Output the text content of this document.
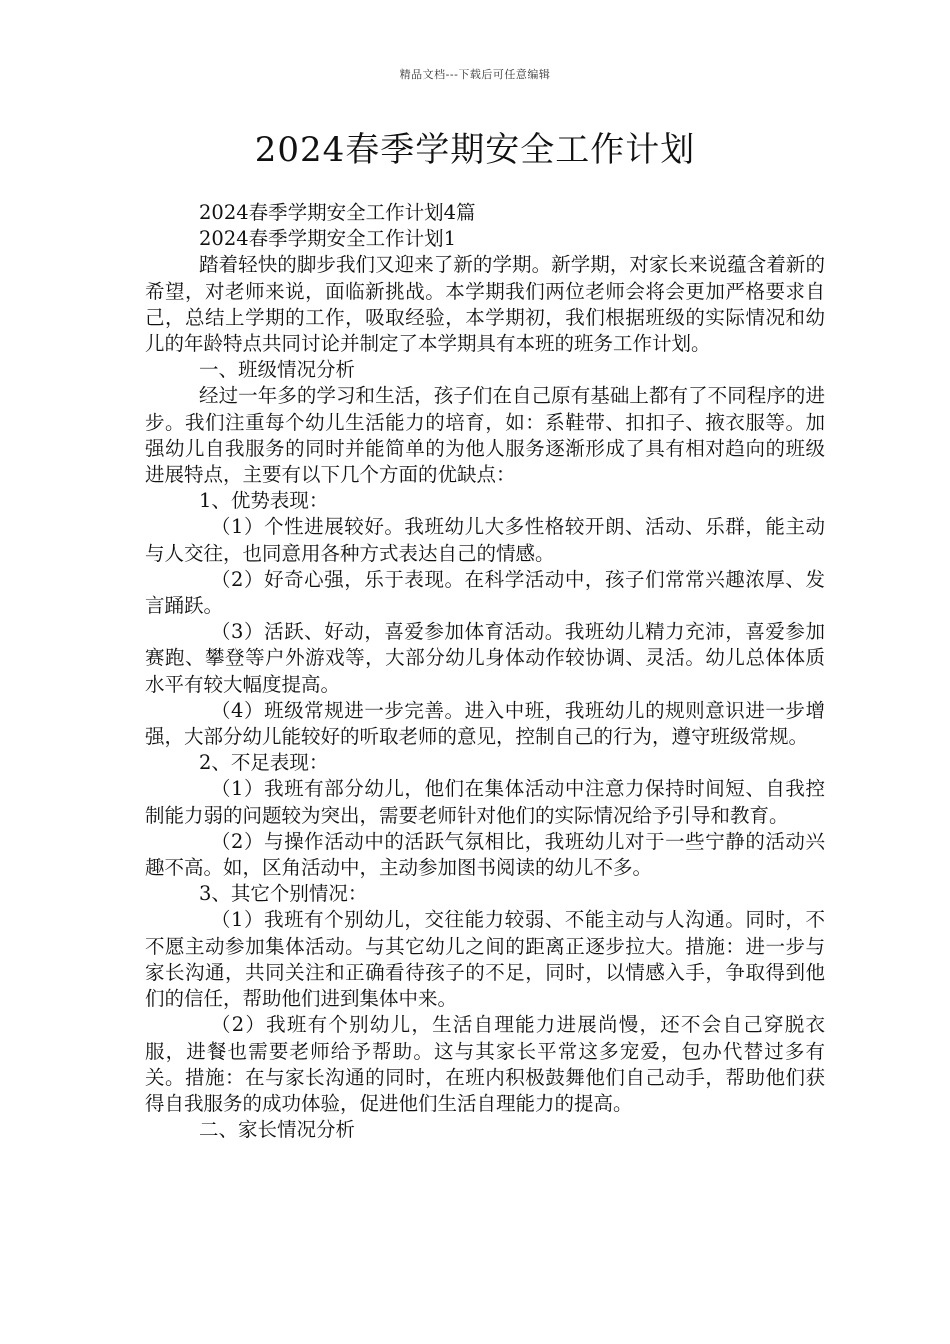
精品文档---下载后可任意编辑
2024春季学期安全工作计划

2024春季学期安全工作计划4篇

2024春季学期安全工作计划1

踏着轻快的脚步我们又迎来了新的学期。新学期，对家长来说蕴含着新的希望，对老师来说，面临新挑战。本学期我们两位老师会将会更加严格要求自己，总结上学期的工作，吸取经验，本学期初，我们根据班级的实际情况和幼儿的年龄特点共同讨论并制定了本学期具有本班的班务工作计划。

一、班级情况分析

经过一年多的学习和生活，孩子们在自己原有基础上都有了不同程序的进步。我们注重每个幼儿生活能力的培育，如：系鞋带、扣扣子、掖衣服等。加强幼儿自我服务的同时并能简单的为他人服务逐渐形成了具有相对趋向的班级进展特点，主要有以下几个方面的优缺点：

1、优势表现：

（1）个性进展较好。我班幼儿大多性格较开朗、活动、乐群，能主动与人交往，也同意用各种方式表达自己的情感。

（2）好奇心强，乐于表现。在科学活动中，孩子们常常兴趣浓厚、发言踊跃。

（3）活跃、好动，喜爱参加体育活动。我班幼儿精力充沛，喜爱参加赛跑、攀登等户外游戏等，大部分幼儿身体动作较协调、灵活。幼儿总体体质水平有较大幅度提高。

（4）班级常规进一步完善。进入中班，我班幼儿的规则意识进一步增强，大部分幼儿能较好的听取老师的意见，控制自己的行为，遵守班级常规。

2、不足表现：

（1）我班有部分幼儿，他们在集体活动中注意力保持时间短、自我控制能力弱的问题较为突出，需要老师针对他们的实际情况给予引导和教育。

（2）与操作活动中的活跃气氛相比，我班幼儿对于一些宁静的活动兴趣不高。如，区角活动中，主动参加图书阅读的幼儿不多。

3、其它个别情况：

（1）我班有个别幼儿，交往能力较弱、不能主动与人沟通。同时，不不愿主动参加集体活动。与其它幼儿之间的距离正逐步拉大。措施：进一步与家长沟通，共同关注和正确看待孩子的不足，同时，以情感入手，争取得到他们的信任，帮助他们进到集体中来。

（2）我班有个别幼儿，生活自理能力进展尚慢，还不会自己穿脱衣服，进餐也需要老师给予帮助。这与其家长平常这多宠爱，包办代替过多有关。措施：在与家长沟通的同时，在班内积极鼓舞他们自己动手，帮助他们获得自我服务的成功体验，促进他们生活自理能力的提高。

二、家长情况分析
